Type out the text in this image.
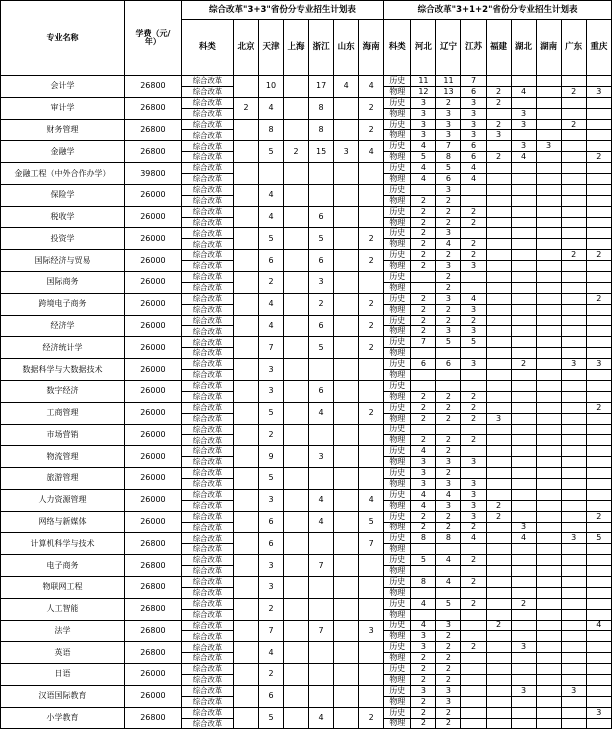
专业名称	学费（元/年）	综合改革"3+3"省份分专业招生计划表							综合改革"3+1+2"省份分专业招生计划表								
		科类	北京	天津	上海	浙江	山东	海南	科类	河北	辽宁	江苏	福建	湖北	湖南	广东	重庆
会计学	26800	综合改革		10		17	4	4	历史	11	11	7					
		综合改革							物理	12	13	6	2	4		2	3
审计学	26800	综合改革	2	4		8		2	历史	3	2	3	2				
		综合改革							物理	3	3	3		3			
财务管理	26800	综合改革		8		8		2	历史	3	3	3	2	3		2	
		综合改革							物理	3	3	3	3				
金融学	26800	综合改革		5	2	15	3	4	历史	4	7	6		3	3		
		综合改革							物理	5	8	6	2	4			2
金融工程（中外合作办学）	39800	综合改革							历史	4	5	4					
		综合改革							物理	4	6	4					
保险学	26000	综合改革		4					历史		3						
		综合改革							物理	2	2						
税收学	26000	综合改革		4		6			历史	2	2	2					
		综合改革							物理	2	2	2					
投资学	26000	综合改革		5		5		2	历史	2	3						
		综合改革							物理	2	4	2					
国际经济与贸易	26000	综合改革		6		6		2	历史	2	2	2				2	2
		综合改革							物理	2	3	3					
国际商务	26000	综合改革		2		3			历史		2						
		综合改革							物理		2						
跨境电子商务	26000	综合改革		4		2		2	历史	2	3	4					2
		综合改革							物理	2	2	3					
经济学	26000	综合改革		4		6		2	历史	2	2	2					
		综合改革							物理	2	3	3					
经济统计学	26000	综合改革		7		5		2	历史	7	5	5					
		综合改革							物理								
数据科学与大数据技术	26000	综合改革		3					历史	6	6	3		2		3	3
		综合改革							物理								
数字经济	26000	综合改革		3		6			历史								
		综合改革							物理	2	2	2					
工商管理	26000	综合改革		5		4		2	历史	2	2	2					2
		综合改革							物理	2	2	2	3				
市场营销	26000	综合改革		2					历史								
		综合改革							物理	2	2	2					
物流管理	26000	综合改革		9		3			历史	4	2						
		综合改革							物理	3	3	3					
旅游管理	26000	综合改革		5					历史	3	2						
		综合改革							物理	3	3	3					
人力资源管理	26000	综合改革		3		4		4	历史	4	4	3					
		综合改革							物理	4	3	3	2				
网络与新媒体	26000	综合改革		6		4		5	历史	2	2	3	2				2
		综合改革							物理	2	2	2		3			
计算机科学与技术	26800	综合改革		6				7	历史	8	8	4		4		3	5
		综合改革							物理								
电子商务	26800	综合改革		3		7			历史	5	4	2					
		综合改革							物理								
物联网工程	26800	综合改革		3					历史	8	4	2					
		综合改革							物理								
人工智能	26800	综合改革		2					历史	4	5	2		2			
		综合改革							物理								
法学	26800	综合改革		7		7		3	历史	4	3		2				4
		综合改革							物理	3	2						
英语	26800	综合改革		4					历史	3	2	2		3			
		综合改革							物理	2	2						
日语	26000	综合改革		2					历史	2	2						
		综合改革							物理	2	2						
汉语国际教育	26000	综合改革		6					历史	3	3			3		3	
		综合改革							物理	2	3						
小学教育	26800	综合改革		5		4		2	历史	2	2						3
		综合改革							物理	2	2						
